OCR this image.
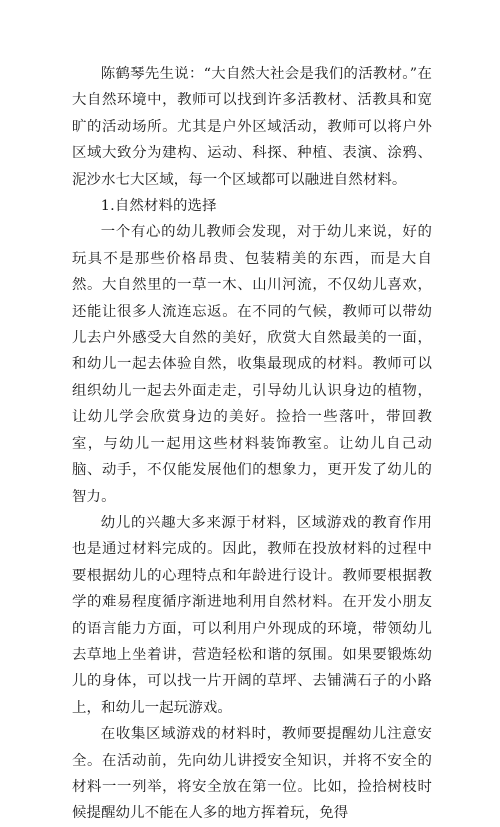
陈鹤琴先生说：“大自然大社会是我们的活教材。”在大自然环境中，教师可以找到许多活教材、活教具和宽旷的活动场所。尤其是户外区域活动，教师可以将户外区域大致分为建构、运动、科探、种植、表演、涂鸦、泥沙水七大区域，每一个区域都可以融进自然材料。

1.自然材料的选择

一个有心的幼儿教师会发现，对于幼儿来说，好的玩具不是那些价格昂贵、包装精美的东西，而是大自然。大自然里的一草一木、山川河流，不仅幼儿喜欢，还能让很多人流连忘返。在不同的气候，教师可以带幼儿去户外感受大自然的美好，欣赏大自然最美的一面，和幼儿一起去体验自然，收集最现成的材料。教师可以组织幼儿一起去外面走走，引导幼儿认识身边的植物，让幼儿学会欣赏身边的美好。捡拾一些落叶，带回教室，与幼儿一起用这些材料装饰教室。让幼儿自己动脑、动手，不仅能发展他们的想象力，更开发了幼儿的智力。

幼儿的兴趣大多来源于材料，区域游戏的教育作用也是通过材料完成的。因此，教师在投放材料的过程中要根据幼儿的心理特点和年龄进行设计。教师要根据教学的难易程度循序渐进地利用自然材料。在开发小朋友的语言能力方面，可以利用户外现成的环境，带领幼儿去草地上坐着讲，营造轻松和谐的氛围。如果要锻炼幼儿的身体，可以找一片开阔的草坪、去铺满石子的小路上，和幼儿一起玩游戏。

在收集区域游戏的材料时，教师要提醒幼儿注意安全。在活动前，先向幼儿讲授安全知识，并将不安全的材料一一列举，将安全放在第一位。比如，捡拾树枝时候提醒幼儿不能在人多的地方挥着玩，免得
